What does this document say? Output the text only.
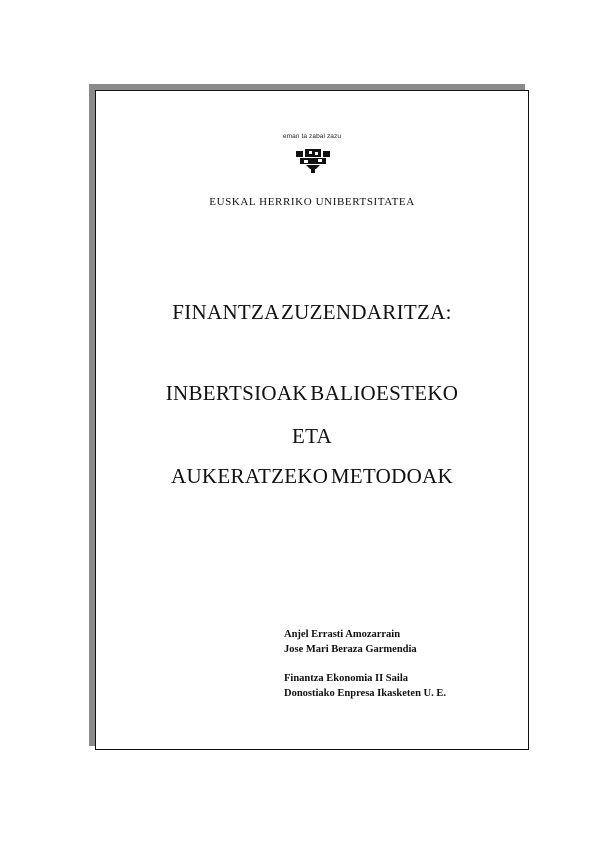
eman ta zabal zazu
EUSKAL HERRIKO UNIBERTSITATEA
FINANTZA ZUZENDARITZA:
INBERTSIOAK BALIOESTEKO
ETA
AUKERATZEKO METODOAK
Anjel Errasti Amozarrain
Jose Mari Beraza Garmendia
Finantza Ekonomia II Saila
Donostiako Enpresa Ikasketen U. E.
